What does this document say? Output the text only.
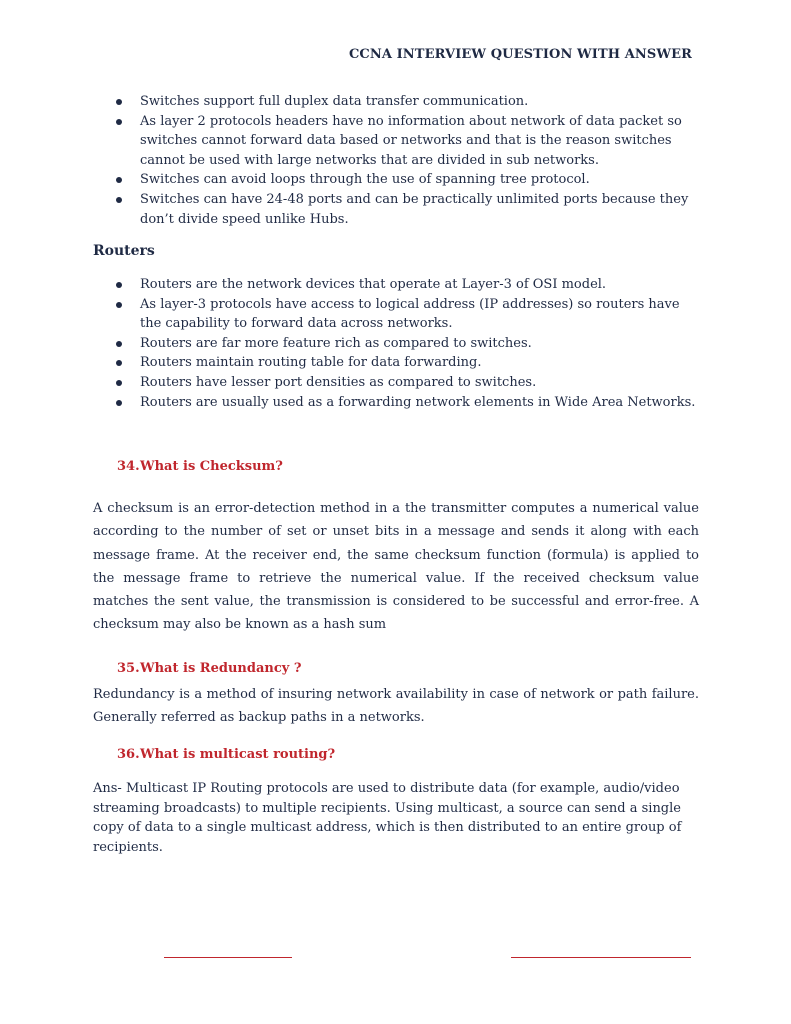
CCNA INTERVIEW QUESTION WITH ANSWER
Switches support full duplex data transfer communication.
As layer 2 protocols headers have no information about network of data packet so switches cannot forward data based or networks and that is the reason switches cannot be used with large networks that are divided in sub networks.
Switches can avoid loops through the use of spanning tree protocol.
Switches can have 24-48 ports and can be practically unlimited ports because they don’t divide speed unlike Hubs.
Routers
Routers are the network devices that operate at Layer-3 of OSI model.
As layer-3 protocols have access to logical address (IP addresses) so routers have the capability to forward data across networks.
Routers are far more feature rich as compared to switches.
Routers maintain routing table for data forwarding.
Routers have lesser port densities as compared to switches.
Routers are usually used as a forwarding network elements in Wide Area Networks.
34.What is Checksum?
A checksum is an error-detection method in a the transmitter computes a numerical value according to the number of set or unset bits in a message and sends it along with each message frame. At the receiver end, the same checksum function (formula) is applied to the message frame to retrieve the numerical value. If the received checksum value matches the sent value, the transmission is considered to be successful and error-free. A checksum may also be known as a hash sum
35.What is Redundancy ?
Redundancy is a method of insuring network availability in case of network or path failure. Generally referred as backup paths in a networks.
36.What is multicast routing?
Ans- Multicast IP Routing protocols are used to distribute data (for example, audio/video streaming broadcasts) to multiple recipients. Using multicast, a source can send a single copy of data to a single multicast address, which is then distributed to an entire group of recipients.
